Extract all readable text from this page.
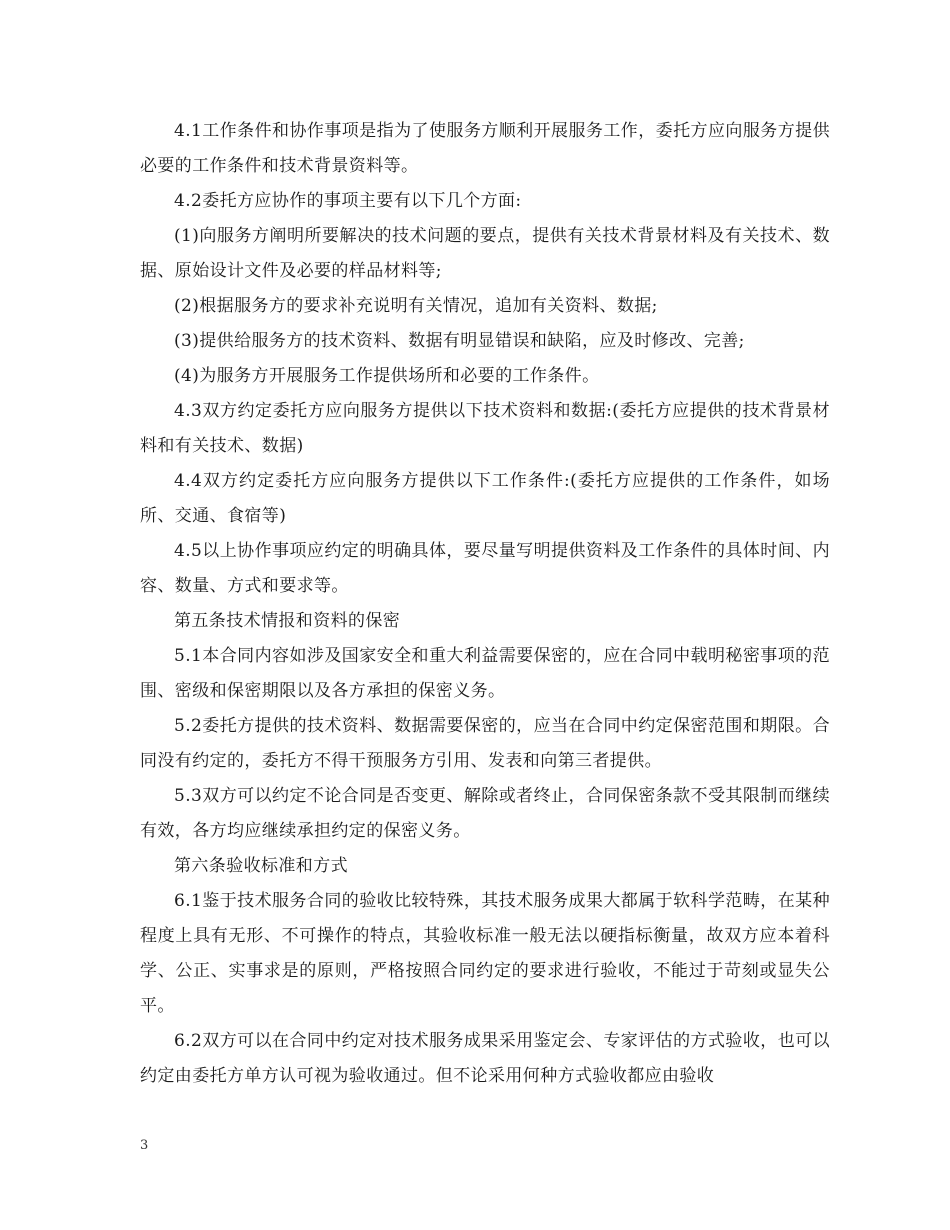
4.1工作条件和协作事项是指为了使服务方顺利开展服务工作，委托方应向服务方提供必要的工作条件和技术背景资料等。

4.2委托方应协作的事项主要有以下几个方面:

(1)向服务方阐明所要解决的技术问题的要点，提供有关技术背景材料及有关技术、数据、原始设计文件及必要的样品材料等;

(2)根据服务方的要求补充说明有关情况，追加有关资料、数据;

(3)提供给服务方的技术资料、数据有明显错误和缺陷，应及时修改、完善;

(4)为服务方开展服务工作提供场所和必要的工作条件。

4.3双方约定委托方应向服务方提供以下技术资料和数据:(委托方应提供的技术背景材料和有关技术、数据)

4.4双方约定委托方应向服务方提供以下工作条件:(委托方应提供的工作条件，如场所、交通、食宿等)

4.5以上协作事项应约定的明确具体，要尽量写明提供资料及工作条件的具体时间、内容、数量、方式和要求等。

第五条技术情报和资料的保密

5.1本合同内容如涉及国家安全和重大利益需要保密的，应在合同中载明秘密事项的范围、密级和保密期限以及各方承担的保密义务。

5.2委托方提供的技术资料、数据需要保密的，应当在合同中约定保密范围和期限。合同没有约定的，委托方不得干预服务方引用、发表和向第三者提供。

5.3双方可以约定不论合同是否变更、解除或者终止，合同保密条款不受其限制而继续有效，各方均应继续承担约定的保密义务。

第六条验收标准和方式

6.1鉴于技术服务合同的验收比较特殊，其技术服务成果大都属于软科学范畴，在某种程度上具有无形、不可操作的特点，其验收标准一般无法以硬指标衡量，故双方应本着科学、公正、实事求是的原则，严格按照合同约定的要求进行验收，不能过于苛刻或显失公平。

6.2双方可以在合同中约定对技术服务成果采用鉴定会、专家评估的方式验收，也可以约定由委托方单方认可视为验收通过。但不论采用何种方式验收都应由验收

3
